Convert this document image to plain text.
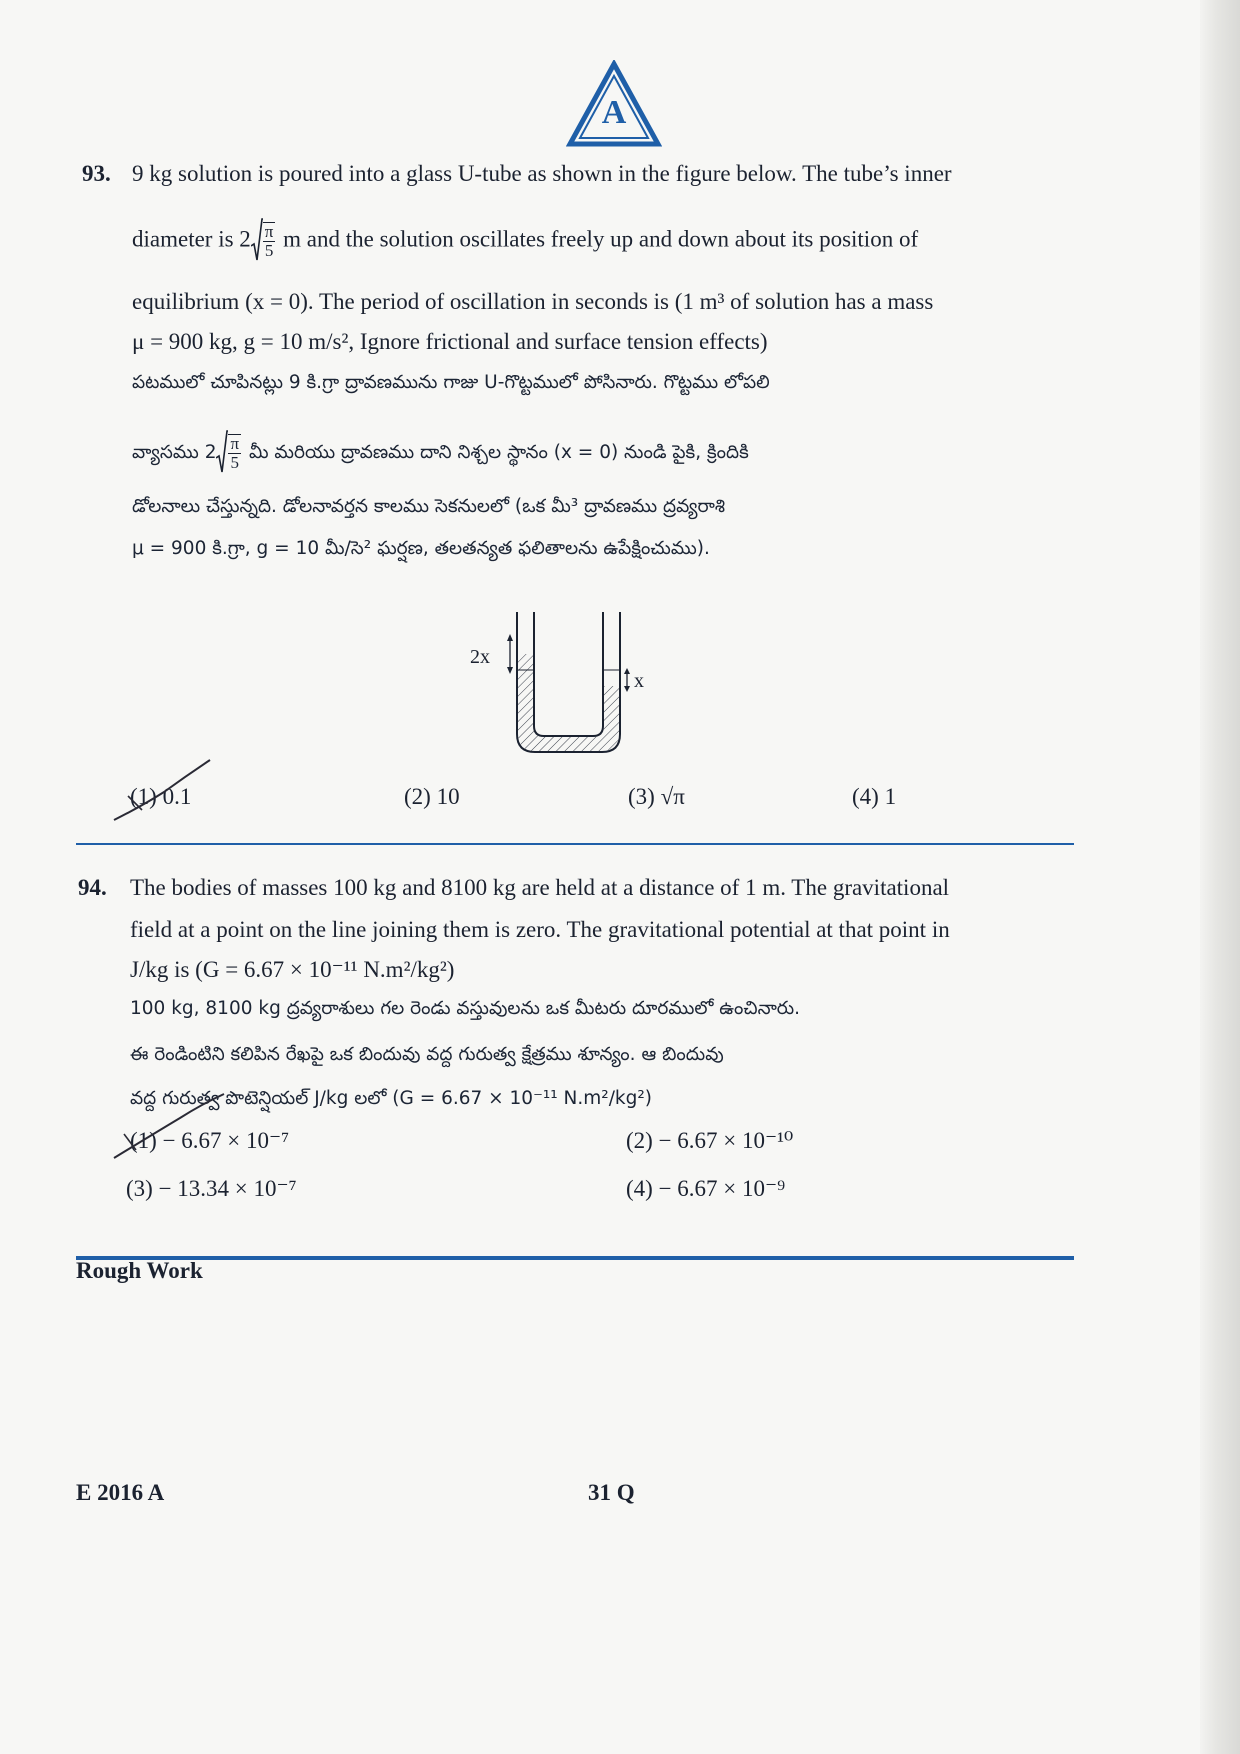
A
93. 9 kg solution is poured into a glass U-tube as shown in the figure below. The tube’s inner
diameter is $2 \frac{\pi}{5}$ m and the solution oscillates freely up and down about its position of
equilibrium (x = 0). The period of oscillation in seconds is (1 m³ of solution has a mass
μ = 900 kg, g = 10 m/s², Ignore frictional and surface tension effects)
పటములో చూపినట్లు 9 కి.గ్రా ద్రావణమును గాజు U-గొట్టములో పోసినారు. గొట్టము లోపలి
వ్యాసము $2 \frac{\pi}{5}$ మీ మరియు ద్రావణము దాని నిశ్చల స్థానం (x = 0) నుండి పైకి, క్రిందికి
డోలనాలు చేస్తున్నది. డోలనావర్తన కాలము సెకనులలో (ఒక మీ³ ద్రావణము ద్రవ్యరాశి
μ = 900 కి.గ్రా, g = 10 మీ/సె² ఘర్షణ, తలతన్యత ఫలితాలను ఉపేక్షించుము).
2x
x
(1) 0.1	(2) 10	(3) √π	(4) 1
94. The bodies of masses 100 kg and 8100 kg are held at a distance of 1 m. The gravitational
field at a point on the line joining them is zero. The gravitational potential at that point in
J/kg is (G = 6.67 × 10⁻¹¹ N.m²/kg²)
100 kg, 8100 kg ద్రవ్యరాశులు గల రెండు వస్తువులను ఒక మీటరు దూరములో ఉంచినారు.
ఈ రెండింటిని కలిపిన రేఖపై ఒక బిందువు వద్ద గురుత్వ క్షేత్రము శూన్యం. ఆ బిందువు
వద్ద గురుత్వ పొటెన్షియల్ J/kg లలో (G = 6.67 × 10⁻¹¹ N.m²/kg²)
(1) − 6.67 × 10⁻⁷	(2) − 6.67 × 10⁻¹⁰
(3) − 13.34 × 10⁻⁷	(4) − 6.67 × 10⁻⁹
Rough Work
E 2016 A	31 Q
